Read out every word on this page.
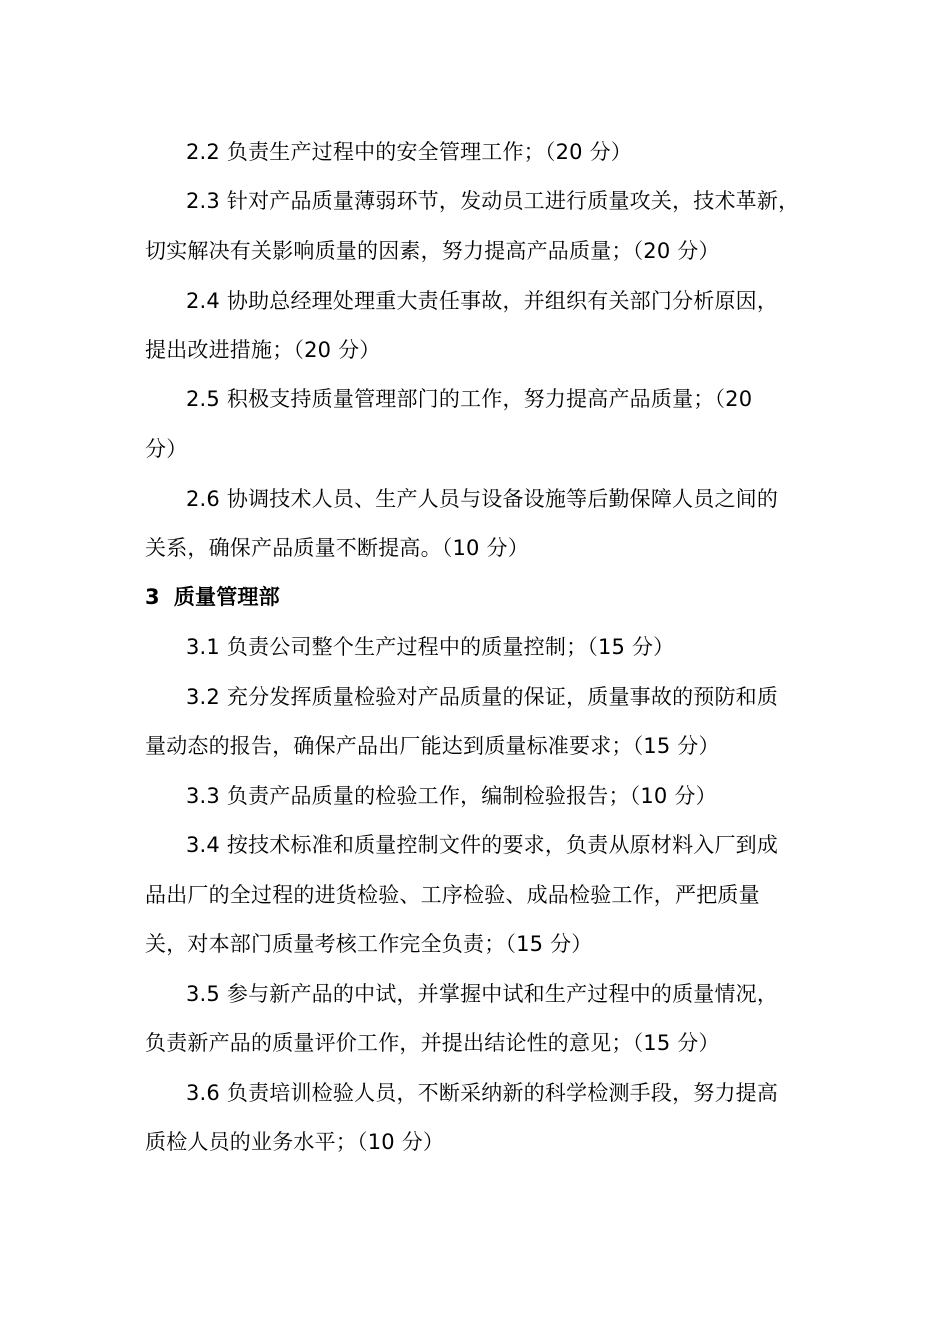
2.2 负责生产过程中的安全管理工作；（20 分）
2.3 针对产品质量薄弱环节，发动员工进行质量攻关，技术革新，
切实解决有关影响质量的因素，努力提高产品质量；（20 分）
2.4 协助总经理处理重大责任事故，并组织有关部门分析原因，
提出改进措施；（20 分）
2.5 积极支持质量管理部门的工作，努力提高产品质量；（20
分）
2.6 协调技术人员、生产人员与设备设施等后勤保障人员之间的
关系，确保产品质量不断提高。（10 分）
3 质量管理部
3.1 负责公司整个生产过程中的质量控制；（15 分）
3.2 充分发挥质量检验对产品质量的保证，质量事故的预防和质
量动态的报告，确保产品出厂能达到质量标准要求；（15 分）
3.3 负责产品质量的检验工作，编制检验报告；（10 分）
3.4 按技术标准和质量控制文件的要求，负责从原材料入厂到成
品出厂的全过程的进货检验、工序检验、成品检验工作，严把质量
关，对本部门质量考核工作完全负责；（15 分）
3.5 参与新产品的中试，并掌握中试和生产过程中的质量情况，
负责新产品的质量评价工作，并提出结论性的意见；（15 分）
3.6 负责培训检验人员，不断采纳新的科学检测手段，努力提高
质检人员的业务水平；（10 分）
